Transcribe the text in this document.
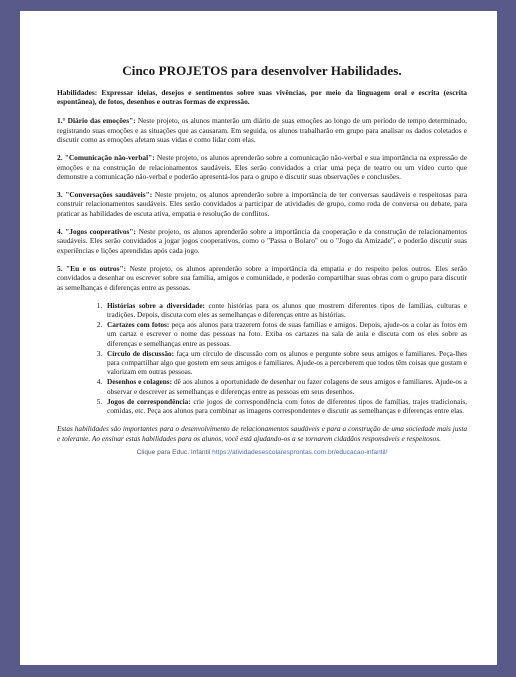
Cinco PROJETOS para desenvolver Habilidades.

Habilidades: Expressar ideias, desejos e sentimentos sobre suas vivências, por meio da linguagem oral e escrita (escrita espontânea), de fotos, desenhos e outras formas de expressão.

1.° Diário das emoções": Neste projeto, os alunos manterão um diário de suas emoções ao longo de um período de tempo determinado, registrando suas emoções e as situações que as causaram. Em seguida, os alunos trabalharão em grupo para analisar os dados coletados e discutir como as emoções afetam suas vidas e como lidar com elas.

2. "Comunicação não-verbal": Neste projeto, os alunos aprenderão sobre a comunicação não-verbal e sua importância na expressão de emoções e na construção de relacionamentos saudáveis. Eles serão convidados a criar uma peça de teatro ou um vídeo curto que demonstre a comunicação não-verbal e poderão apresentá-los para o grupo e discutir suas observações e conclusões.

3. "Conversações saudáveis": Neste projeto, os alunos aprenderão sobre a importância de ter conversas saudáveis e respeitosas para construir relacionamentos saudáveis. Eles serão convidados a participar de atividades de grupo, como roda de conversa ou debate, para praticar as habilidades de escuta ativa, empatia e resolução de conflitos.

4. "Jogos cooperativos": Neste projeto, os alunos aprenderão sobre a importância da cooperação e da construção de relacionamentos saudáveis. Eles serão convidados a jogar jogos cooperativos, como o "Passa o Bolaro" ou o "Jogo da Amizade", e poderão discutir suas experiências e lições aprendidas após cada jogo.

5. "Eu e os outros": Neste projeto, os alunos aprenderão sobre a importância da empatia e do respeito pelos outros. Eles serão convidados a desenhar ou escrever sobre sua família, amigos e comunidade, e poderão compartilhar suas obras com o grupo para discutir as semelhanças e diferenças entre as pessoas.

1. Histórias sobre a diversidade: conte histórias para os alunos que mostrem diferentes tipos de famílias, culturas e tradições. Depois, discuta com eles as semelhanças e diferenças entre as histórias.
2. Cartazes com fotos: peça aos alunos para trazerem fotos de suas famílias e amigos. Depois, ajude-os a colar as fotos em um cartaz e escrever o nome das pessoas na foto. Exiba os cartazes na sala de aula e discuta com os eles sobre as diferenças e semelhanças entre as pessoas.
3. Círculo de discussão: faça um círculo de discussão com os alunos e pergunte sobre seus amigos e familiares. Peça-lhes para compartilhar algo que gostem em seus amigos e familiares. Ajude-os a perceberem que todos têm coisas que gostam e valorizam em outras pessoas.
4. Desenhos e colagens: dê aos alunos a oportunidade de desenhar ou fazer colagens de seus amigos e familiares. Ajude-os a observar e descrever as semelhanças e diferenças entre as pessoas em seus desenhos.
5. Jogos de correspondência: crie jogos de correspondência com fotos de diferentes tipos de famílias, trajes tradicionais, comidas, etc. Peça aos alunos para combinar as imagens correspondentes e discutir as semelhanças e diferenças entre elas.

Estas habilidades são importantes para o desenvolvimento de relacionamentos saudáveis e para a construção de uma sociedade mais justa e tolerante. Ao ensinar estas habilidades para os alunos, você está ajudando-os a se tornarem cidadãos responsáveis e respeitosos.

Clique para Educ. Infantil https://atividadesescolaresprontas.com.br/educacao-infantil/
